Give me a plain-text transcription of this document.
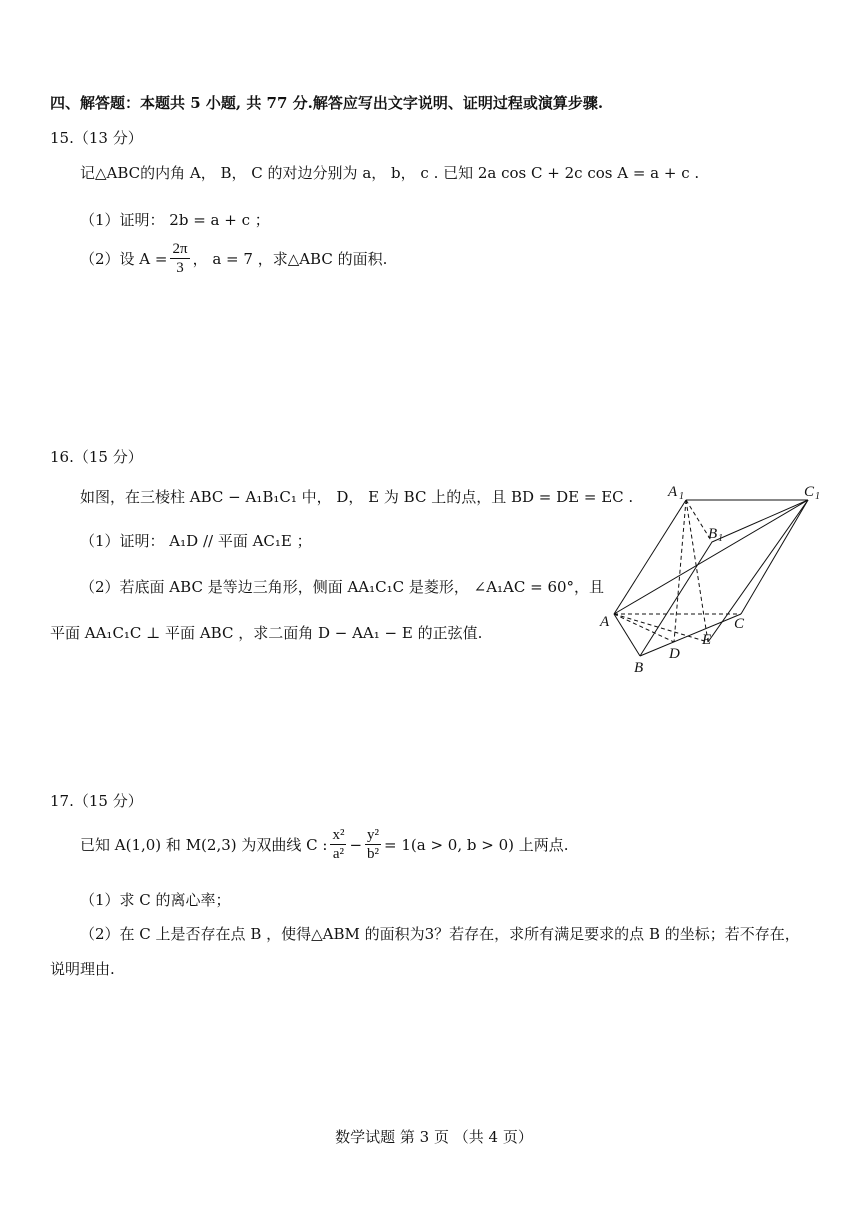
四、解答题：本题共 5 小题, 共 77 分.解答应写出文字说明、证明过程或演算步骤.
15.（13 分）
记△ABC的内角 A， B， C 的对边分别为 a， b， c . 已知 2a cos C + 2c cos A = a + c .
（1）证明： 2b = a + c ；
（2）设 $A = \frac{2\pi}{3}$ ， a = 7 ，求△ABC 的面积.
16.（15 分）
如图，在三棱柱 ABC − A₁B₁C₁ 中， D， E 为 BC 上的点，且 BD = DE = EC .
（1）证明： A₁D // 平面 AC₁E ；
（2）若底面 ABC 是等边三角形，侧面 AA₁C₁C 是菱形， ∠A₁AC = 60°，且
平面 AA₁C₁C ⊥ 平面 ABC ，求二面角 D − AA₁ − E 的正弦值.
A 1	C 1
B 1
A	C
E
D
B
17.（15 分）
已知 A(1,0) 和 M(2,3) 为双曲线 C : $\frac{\text{x²}}{\text{a²}} - \frac{\text{y²}}{\text{b²}} = 1(a > 0$, b > 0) 上两点.
（1）求 C 的离心率；
（2）在 C 上是否存在点 B ，使得△ABM 的面积为3？若存在，求所有满足要求的点 B 的坐标；若不存在，
说明理由.
数学试题 第 3 页 （共 4 页）
